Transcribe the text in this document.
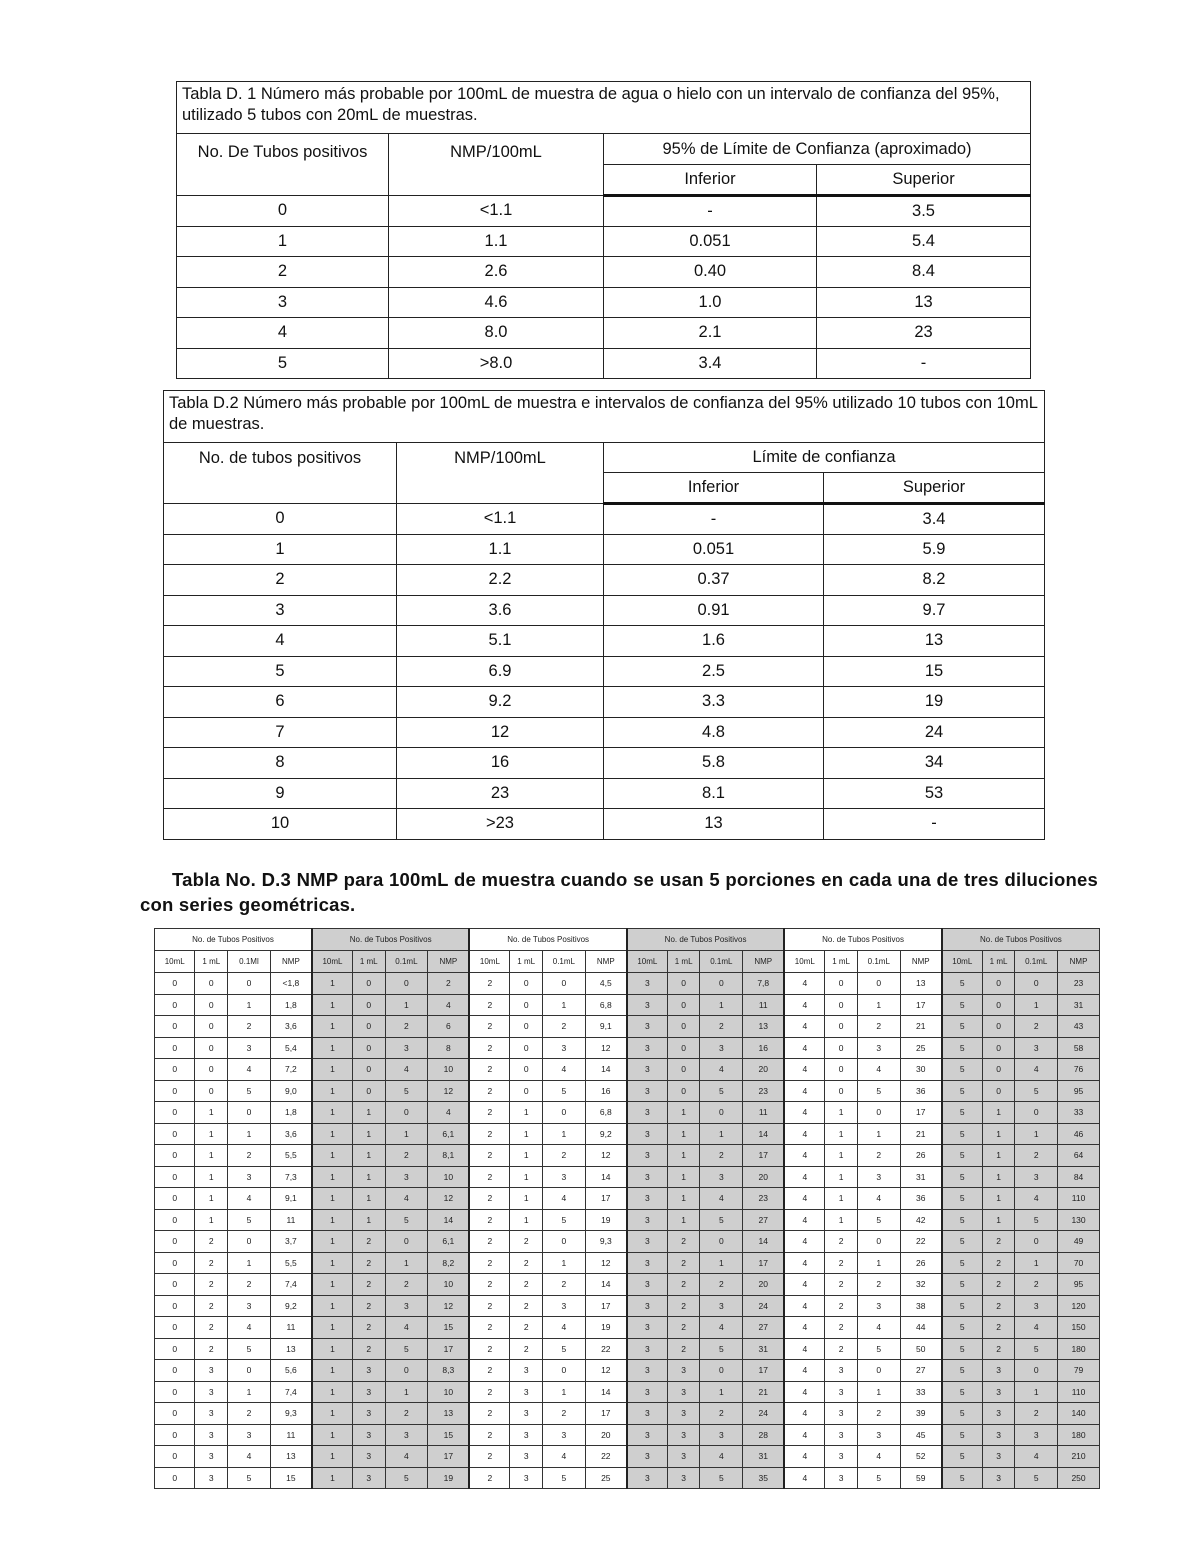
Tabla D. 1 Número más probable por 100mL de muestra de agua o hielo con un intervalo de confianza del 95%, utilizado 5 tubos con 20mL de muestras.			
No. De Tubos positivos	NMP/100mL	95% de Límite de Confianza (aproximado)	
		Inferior	Superior
0	<1.1	-	3.5
1	1.1	0.051	5.4
2	2.6	0.40	8.4
3	4.6	1.0	13
4	8.0	2.1	23
5	>8.0	3.4	-
Tabla D.2 Número más probable por 100mL de muestra e intervalos de confianza del 95% utilizado 10 tubos con 10mL de muestras.			
No. de tubos positivos	NMP/100mL	Límite de confianza	
		Inferior	Superior
0	<1.1	-	3.4
1	1.1	0.051	5.9
2	2.2	0.37	8.2
3	3.6	0.91	9.7
4	5.1	1.6	13
5	6.9	2.5	15
6	9.2	3.3	19
7	12	4.8	24
8	16	5.8	34
9	23	8.1	53
10	>23	13	-
Tabla No. D.3 NMP para 100mL de muestra cuando se usan 5 porciones en cada una de tres diluciones con series geométricas.
No. de Tubos Positivos				No. de Tubos Positivos				No. de Tubos Positivos				No. de Tubos Positivos				No. de Tubos Positivos				No. de Tubos Positivos			
10mL	1 mL	0.1Ml	NMP	10mL	1 mL	0.1mL	NMP	10mL	1 mL	0.1mL	NMP	10mL	1 mL	0.1mL	NMP	10mL	1 mL	0.1mL	NMP	10mL	1 mL	0.1mL	NMP
0	0	0	<1,8	1	0	0	2	2	0	0	4,5	3	0	0	7,8	4	0	0	13	5	0	0	23
0	0	1	1,8	1	0	1	4	2	0	1	6,8	3	0	1	11	4	0	1	17	5	0	1	31
0	0	2	3,6	1	0	2	6	2	0	2	9,1	3	0	2	13	4	0	2	21	5	0	2	43
0	0	3	5,4	1	0	3	8	2	0	3	12	3	0	3	16	4	0	3	25	5	0	3	58
0	0	4	7,2	1	0	4	10	2	0	4	14	3	0	4	20	4	0	4	30	5	0	4	76
0	0	5	9,0	1	0	5	12	2	0	5	16	3	0	5	23	4	0	5	36	5	0	5	95
0	1	0	1,8	1	1	0	4	2	1	0	6,8	3	1	0	11	4	1	0	17	5	1	0	33
0	1	1	3,6	1	1	1	6,1	2	1	1	9,2	3	1	1	14	4	1	1	21	5	1	1	46
0	1	2	5,5	1	1	2	8,1	2	1	2	12	3	1	2	17	4	1	2	26	5	1	2	64
0	1	3	7,3	1	1	3	10	2	1	3	14	3	1	3	20	4	1	3	31	5	1	3	84
0	1	4	9,1	1	1	4	12	2	1	4	17	3	1	4	23	4	1	4	36	5	1	4	110
0	1	5	11	1	1	5	14	2	1	5	19	3	1	5	27	4	1	5	42	5	1	5	130
0	2	0	3,7	1	2	0	6,1	2	2	0	9,3	3	2	0	14	4	2	0	22	5	2	0	49
0	2	1	5,5	1	2	1	8,2	2	2	1	12	3	2	1	17	4	2	1	26	5	2	1	70
0	2	2	7,4	1	2	2	10	2	2	2	14	3	2	2	20	4	2	2	32	5	2	2	95
0	2	3	9,2	1	2	3	12	2	2	3	17	3	2	3	24	4	2	3	38	5	2	3	120
0	2	4	11	1	2	4	15	2	2	4	19	3	2	4	27	4	2	4	44	5	2	4	150
0	2	5	13	1	2	5	17	2	2	5	22	3	2	5	31	4	2	5	50	5	2	5	180
0	3	0	5,6	1	3	0	8,3	2	3	0	12	3	3	0	17	4	3	0	27	5	3	0	79
0	3	1	7,4	1	3	1	10	2	3	1	14	3	3	1	21	4	3	1	33	5	3	1	110
0	3	2	9,3	1	3	2	13	2	3	2	17	3	3	2	24	4	3	2	39	5	3	2	140
0	3	3	11	1	3	3	15	2	3	3	20	3	3	3	28	4	3	3	45	5	3	3	180
0	3	4	13	1	3	4	17	2	3	4	22	3	3	4	31	4	3	4	52	5	3	4	210
0	3	5	15	1	3	5	19	2	3	5	25	3	3	5	35	4	3	5	59	5	3	5	250
